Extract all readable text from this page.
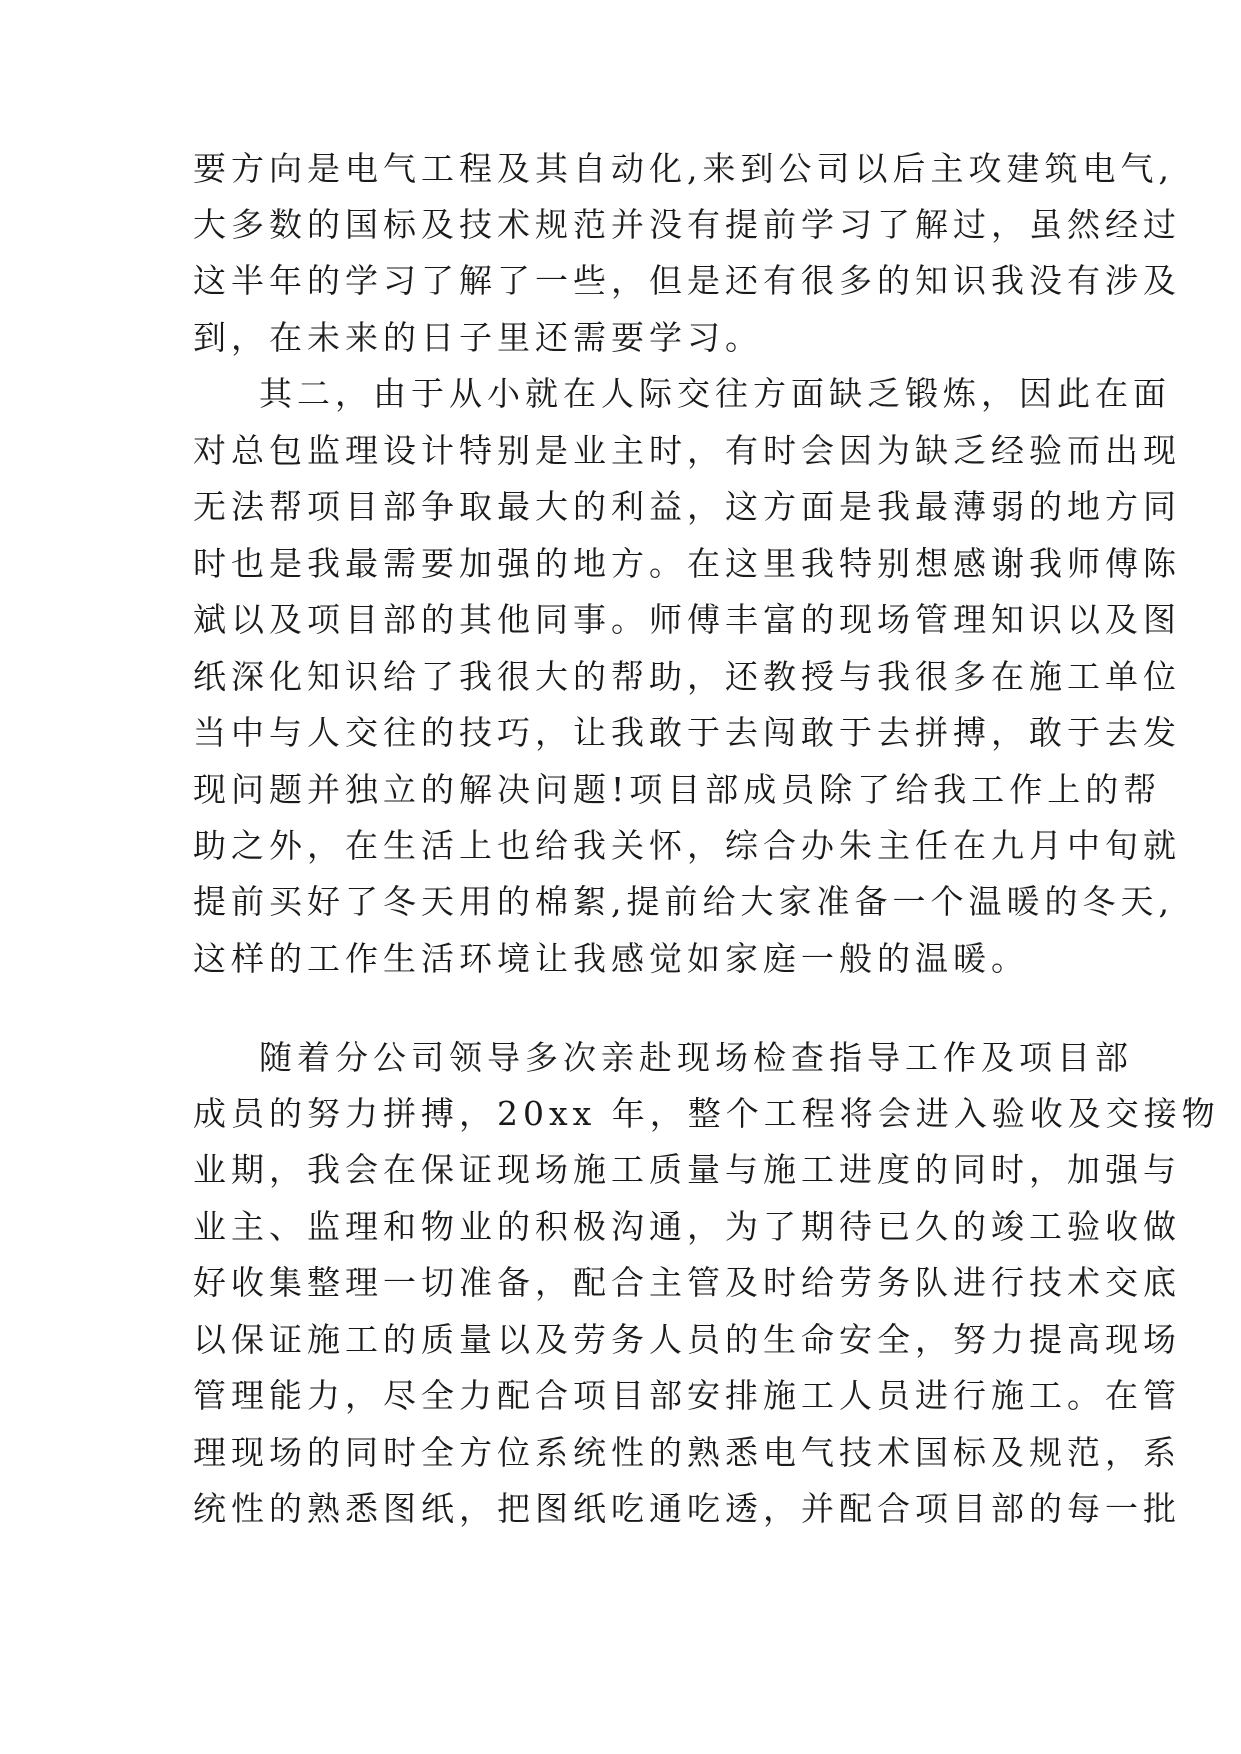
要方向是电气工程及其自动化,来到公司以后主攻建筑电气,
大多数的国标及技术规范并没有提前学习了解过，虽然经过
这半年的学习了解了一些，但是还有很多的知识我没有涉及
到，在未来的日子里还需要学习。
其二，由于从小就在人际交往方面缺乏锻炼，因此在面
对总包监理设计特别是业主时，有时会因为缺乏经验而出现
无法帮项目部争取最大的利益，这方面是我最薄弱的地方同
时也是我最需要加强的地方。在这里我特别想感谢我师傅陈
斌以及项目部的其他同事。师傅丰富的现场管理知识以及图
纸深化知识给了我很大的帮助，还教授与我很多在施工单位
当中与人交往的技巧，让我敢于去闯敢于去拼搏，敢于去发
现问题并独立的解决问题!项目部成员除了给我工作上的帮
助之外，在生活上也给我关怀，综合办朱主任在九月中旬就
提前买好了冬天用的棉絮,提前给大家准备一个温暖的冬天,
这样的工作生活环境让我感觉如家庭一般的温暖。
随着分公司领导多次亲赴现场检查指导工作及项目部
成员的努力拼搏，20xx 年，整个工程将会进入验收及交接物
业期，我会在保证现场施工质量与施工进度的同时，加强与
业主、监理和物业的积极沟通，为了期待已久的竣工验收做
好收集整理一切准备，配合主管及时给劳务队进行技术交底
以保证施工的质量以及劳务人员的生命安全，努力提高现场
管理能力，尽全力配合项目部安排施工人员进行施工。在管
理现场的同时全方位系统性的熟悉电气技术国标及规范，系
统性的熟悉图纸，把图纸吃通吃透，并配合项目部的每一批
